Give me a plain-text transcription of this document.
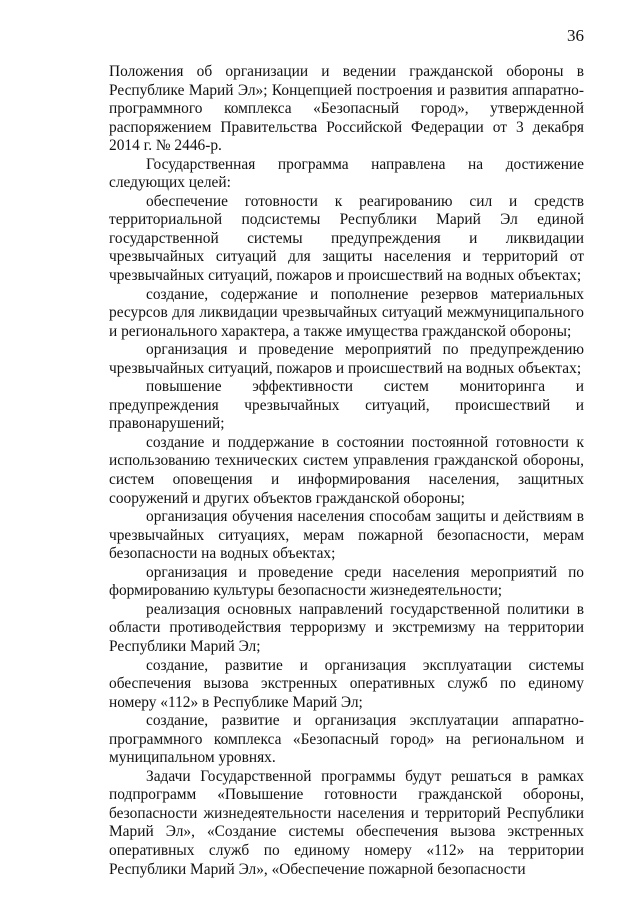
36

Положения об организации и ведении гражданской обороны в Республике Марий Эл»; Концепцией построения и развития аппаратно-программного комплекса «Безопасный город», утвержденной распоряжением Правительства Российской Федерации от 3 декабря 2014 г. № 2446-р.

Государственная программа направлена на достижение следующих целей:

обеспечение готовности к реагированию сил и средств территориальной подсистемы Республики Марий Эл единой государственной системы предупреждения и ликвидации чрезвычайных ситуаций для защиты населения и территорий от чрезвычайных ситуаций, пожаров и происшествий на водных объектах;

создание, содержание и пополнение резервов материальных ресурсов для ликвидации чрезвычайных ситуаций межмуниципального и регионального характера, а также имущества гражданской обороны;

организация и проведение мероприятий по предупреждению чрезвычайных ситуаций, пожаров и происшествий на водных объектах;

повышение эффективности систем мониторинга и предупреждения чрезвычайных ситуаций, происшествий и правонарушений;

создание и поддержание в состоянии постоянной готовности к использованию технических систем управления гражданской обороны, систем оповещения и информирования населения, защитных сооружений и других объектов гражданской обороны;

организация обучения населения способам защиты и действиям в чрезвычайных ситуациях, мерам пожарной безопасности, мерам безопасности на водных объектах;

организация и проведение среди населения мероприятий по формированию культуры безопасности жизнедеятельности;

реализация основных направлений государственной политики в области противодействия терроризму и экстремизму на территории Республики Марий Эл;

создание, развитие и организация эксплуатации системы обеспечения вызова экстренных оперативных служб по единому номеру «112» в Республике Марий Эл;

создание, развитие и организация эксплуатации аппаратно-программного комплекса «Безопасный город» на региональном и муниципальном уровнях.

Задачи Государственной программы будут решаться в рамках подпрограмм «Повышение готовности гражданской обороны, безопасности жизнедеятельности населения и территорий Республики Марий Эл», «Создание системы обеспечения вызова экстренных оперативных служб по единому номеру «112» на территории Республики Марий Эл», «Обеспечение пожарной безопасности
